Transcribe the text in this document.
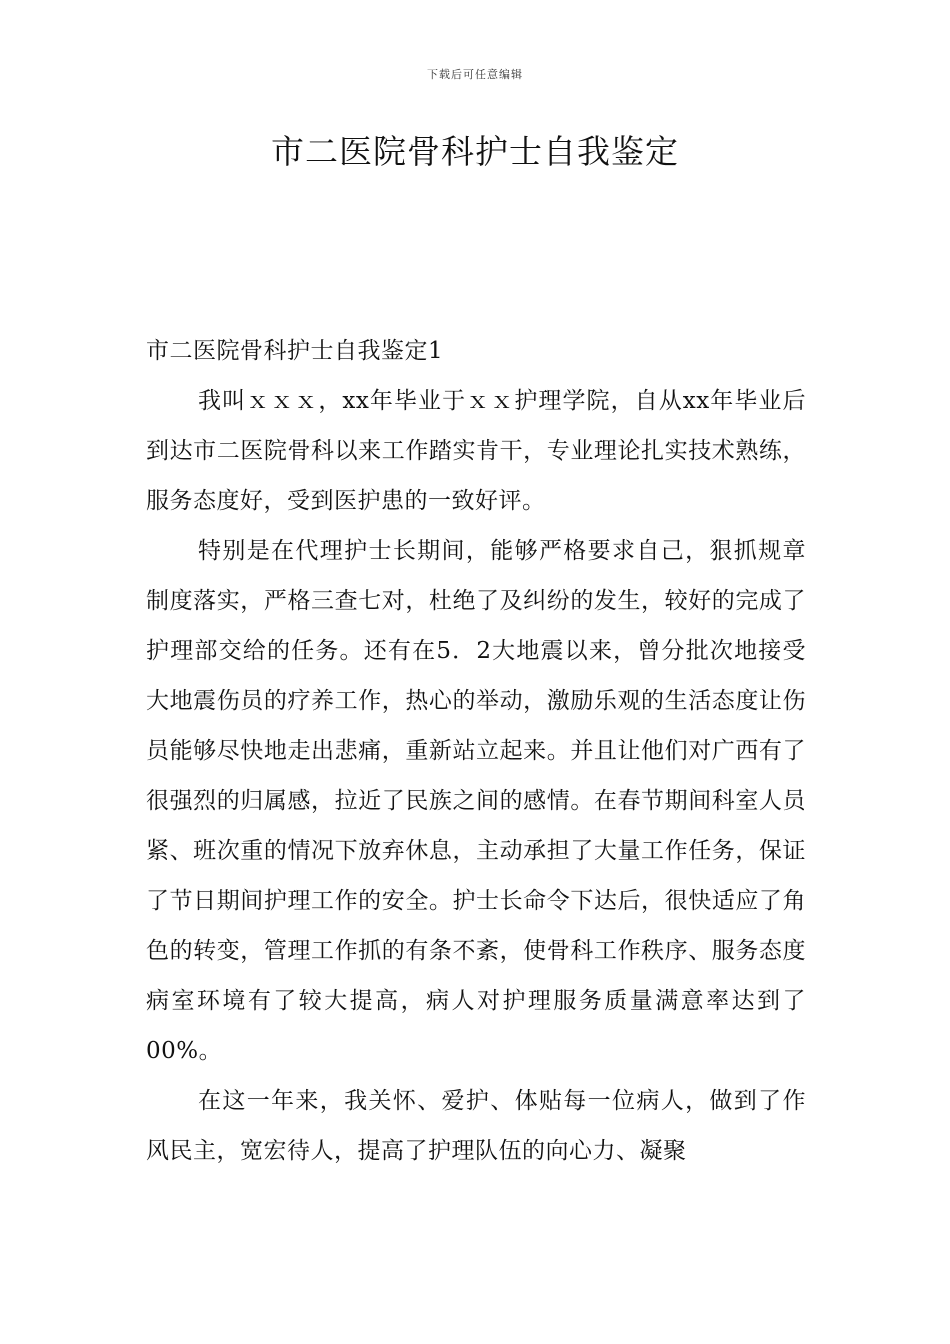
下载后可任意编辑
市二医院骨科护士自我鉴定

市二医院骨科护士自我鉴定1

我叫ｘｘｘ，xx年毕业于ｘｘ护理学院，自从xx年毕业后到达市二医院骨科以来工作踏实肯干，专业理论扎实技术熟练，服务态度好，受到医护患的一致好评。

特别是在代理护士长期间，能够严格要求自己，狠抓规章制度落实，严格三查七对，杜绝了及纠纷的发生，较好的完成了护理部交给的任务。还有在5．2大地震以来，曾分批次地接受大地震伤员的疗养工作，热心的举动，激励乐观的生活态度让伤员能够尽快地走出悲痛，重新站立起来。并且让他们对广西有了很强烈的归属感，拉近了民族之间的感情。在春节期间科室人员紧、班次重的情况下放弃休息，主动承担了大量工作任务，保证了节日期间护理工作的安全。护士长命令下达后，很快适应了角色的转变，管理工作抓的有条不紊，使骨科工作秩序、服务态度病室环境有了较大提高，病人对护理服务质量满意率达到了 00%。

在这一年来，我关怀、爱护、体贴每一位病人，做到了作风民主，宽宏待人，提高了护理队伍的向心力、凝聚
